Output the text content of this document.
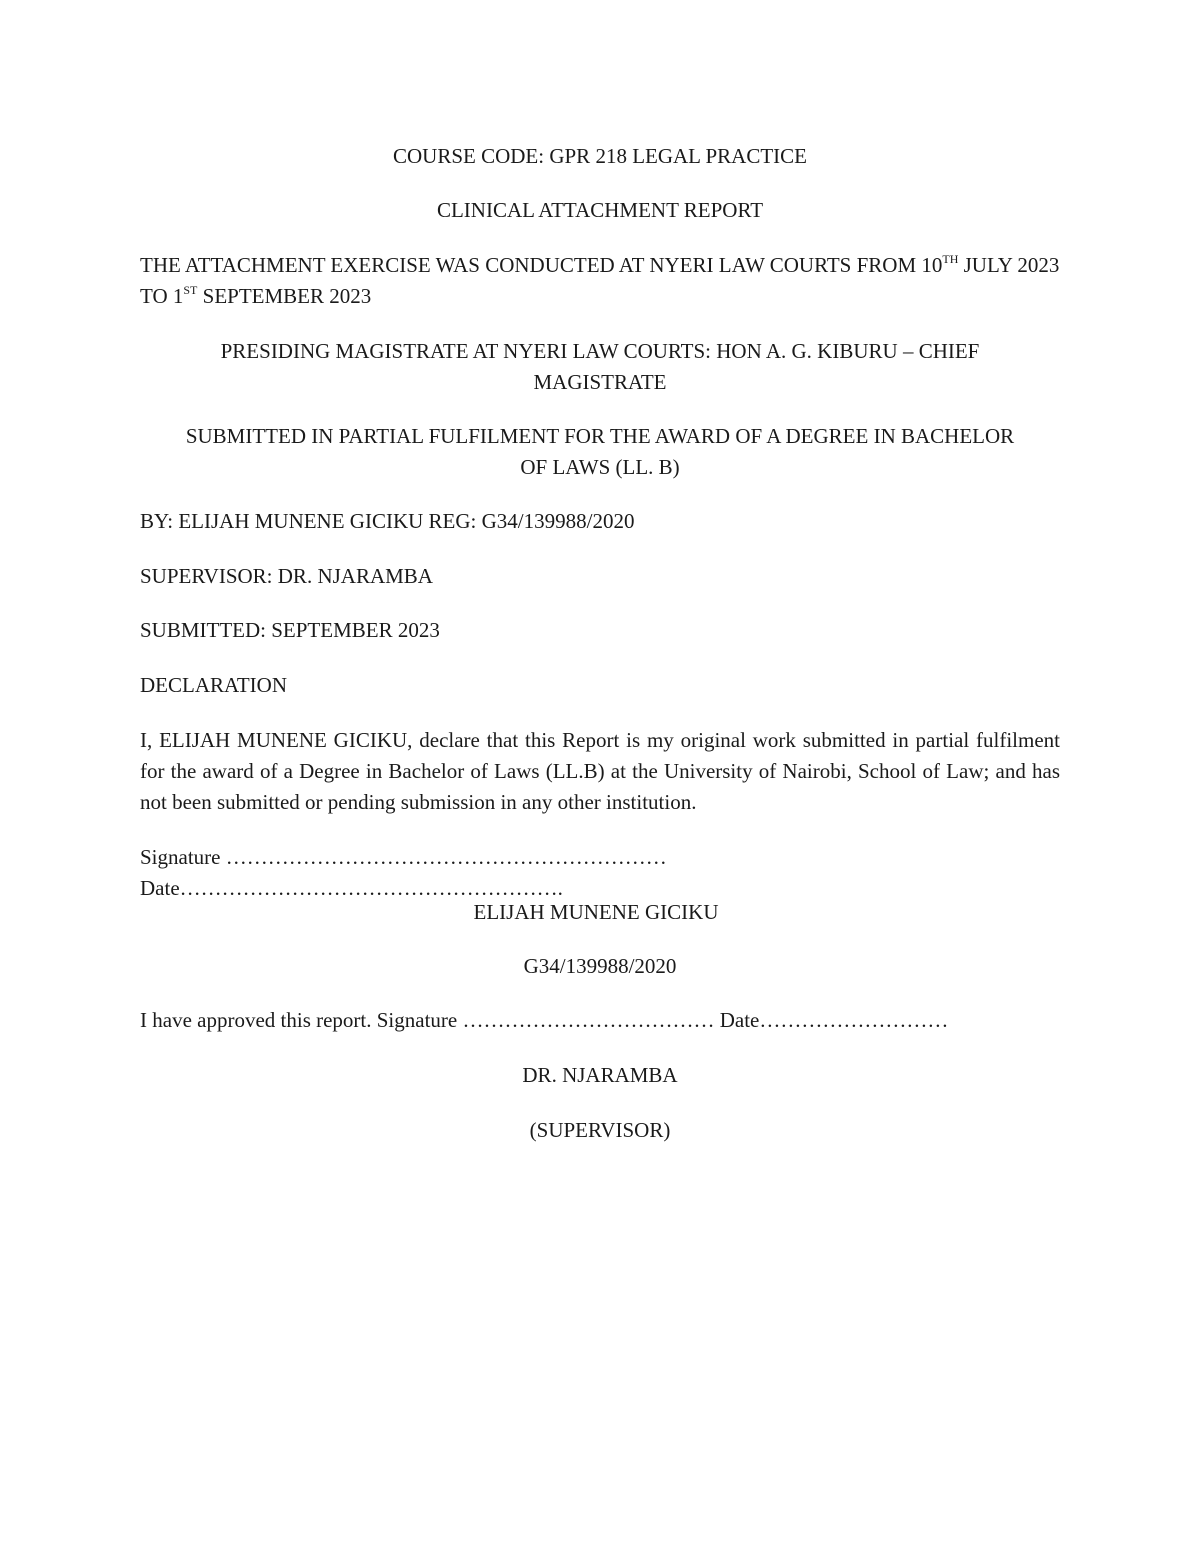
COURSE CODE: GPR 218 LEGAL PRACTICE

CLINICAL ATTACHMENT REPORT

THE ATTACHMENT EXERCISE WAS CONDUCTED AT NYERI LAW COURTS FROM 10TH JULY 2023 TO 1ST SEPTEMBER 2023

PRESIDING MAGISTRATE AT NYERI LAW COURTS: HON A. G. KIBURU – CHIEF MAGISTRATE

SUBMITTED IN PARTIAL FULFILMENT FOR THE AWARD OF A DEGREE IN BACHELOR OF LAWS (LL. B)

BY: ELIJAH MUNENE GICIKU REG: G34/139988/2020

SUPERVISOR: DR. NJARAMBA

SUBMITTED: SEPTEMBER 2023

DECLARATION

I, ELIJAH MUNENE GICIKU, declare that this Report is my original work submitted in partial fulfilment for the award of a Degree in Bachelor of Laws (LL.B) at the University of Nairobi, School of Law; and has not been submitted or pending submission in any other institution.

Signature ……………………………………………………… Date……………………………………………….

ELIJAH MUNENE GICIKU

G34/139988/2020

I have approved this report. Signature ……………………………… Date………………………

DR. NJARAMBA

(SUPERVISOR)
